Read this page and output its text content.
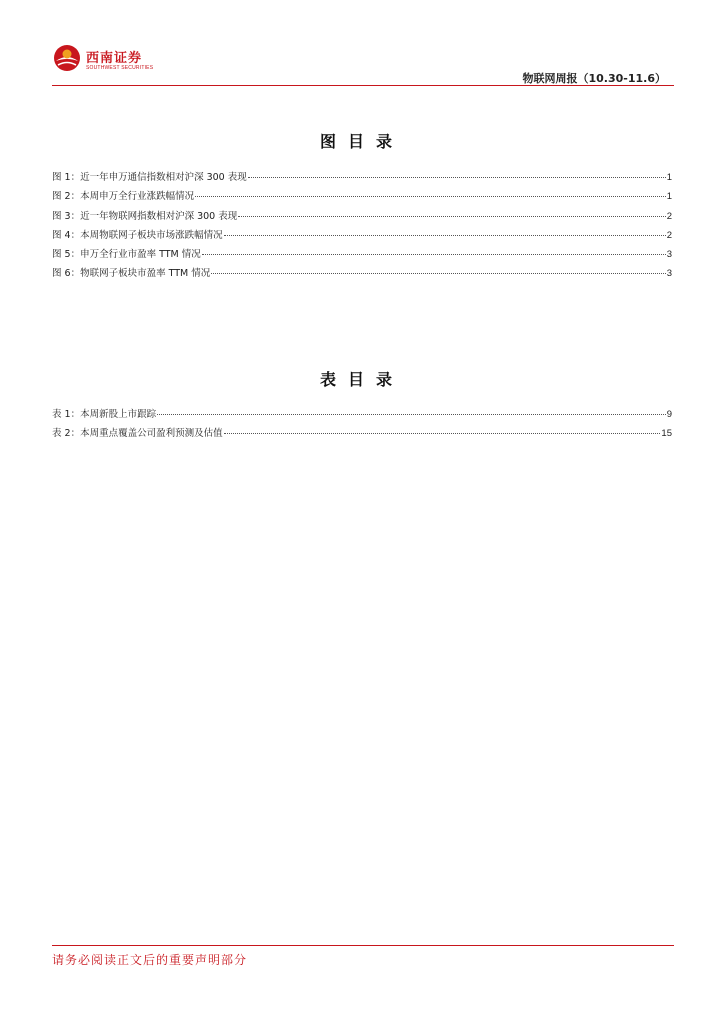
西南证券
SOUTHWEST SECURITIES
物联网周报（10.30-11.6）
图目录
图 1：近一年申万通信指数相对沪深 300 表现	1
图 2：本周申万全行业涨跌幅情况	1
图 3：近一年物联网指数相对沪深 300 表现	2
图 4：本周物联网子板块市场涨跌幅情况	2
图 5：申万全行业市盈率 TTM 情况	3
图 6：物联网子板块市盈率 TTM 情况	3
表目录
表 1：本周新股上市跟踪	9
表 2：本周重点覆盖公司盈利预测及估值	15
请务必阅读正文后的重要声明部分
